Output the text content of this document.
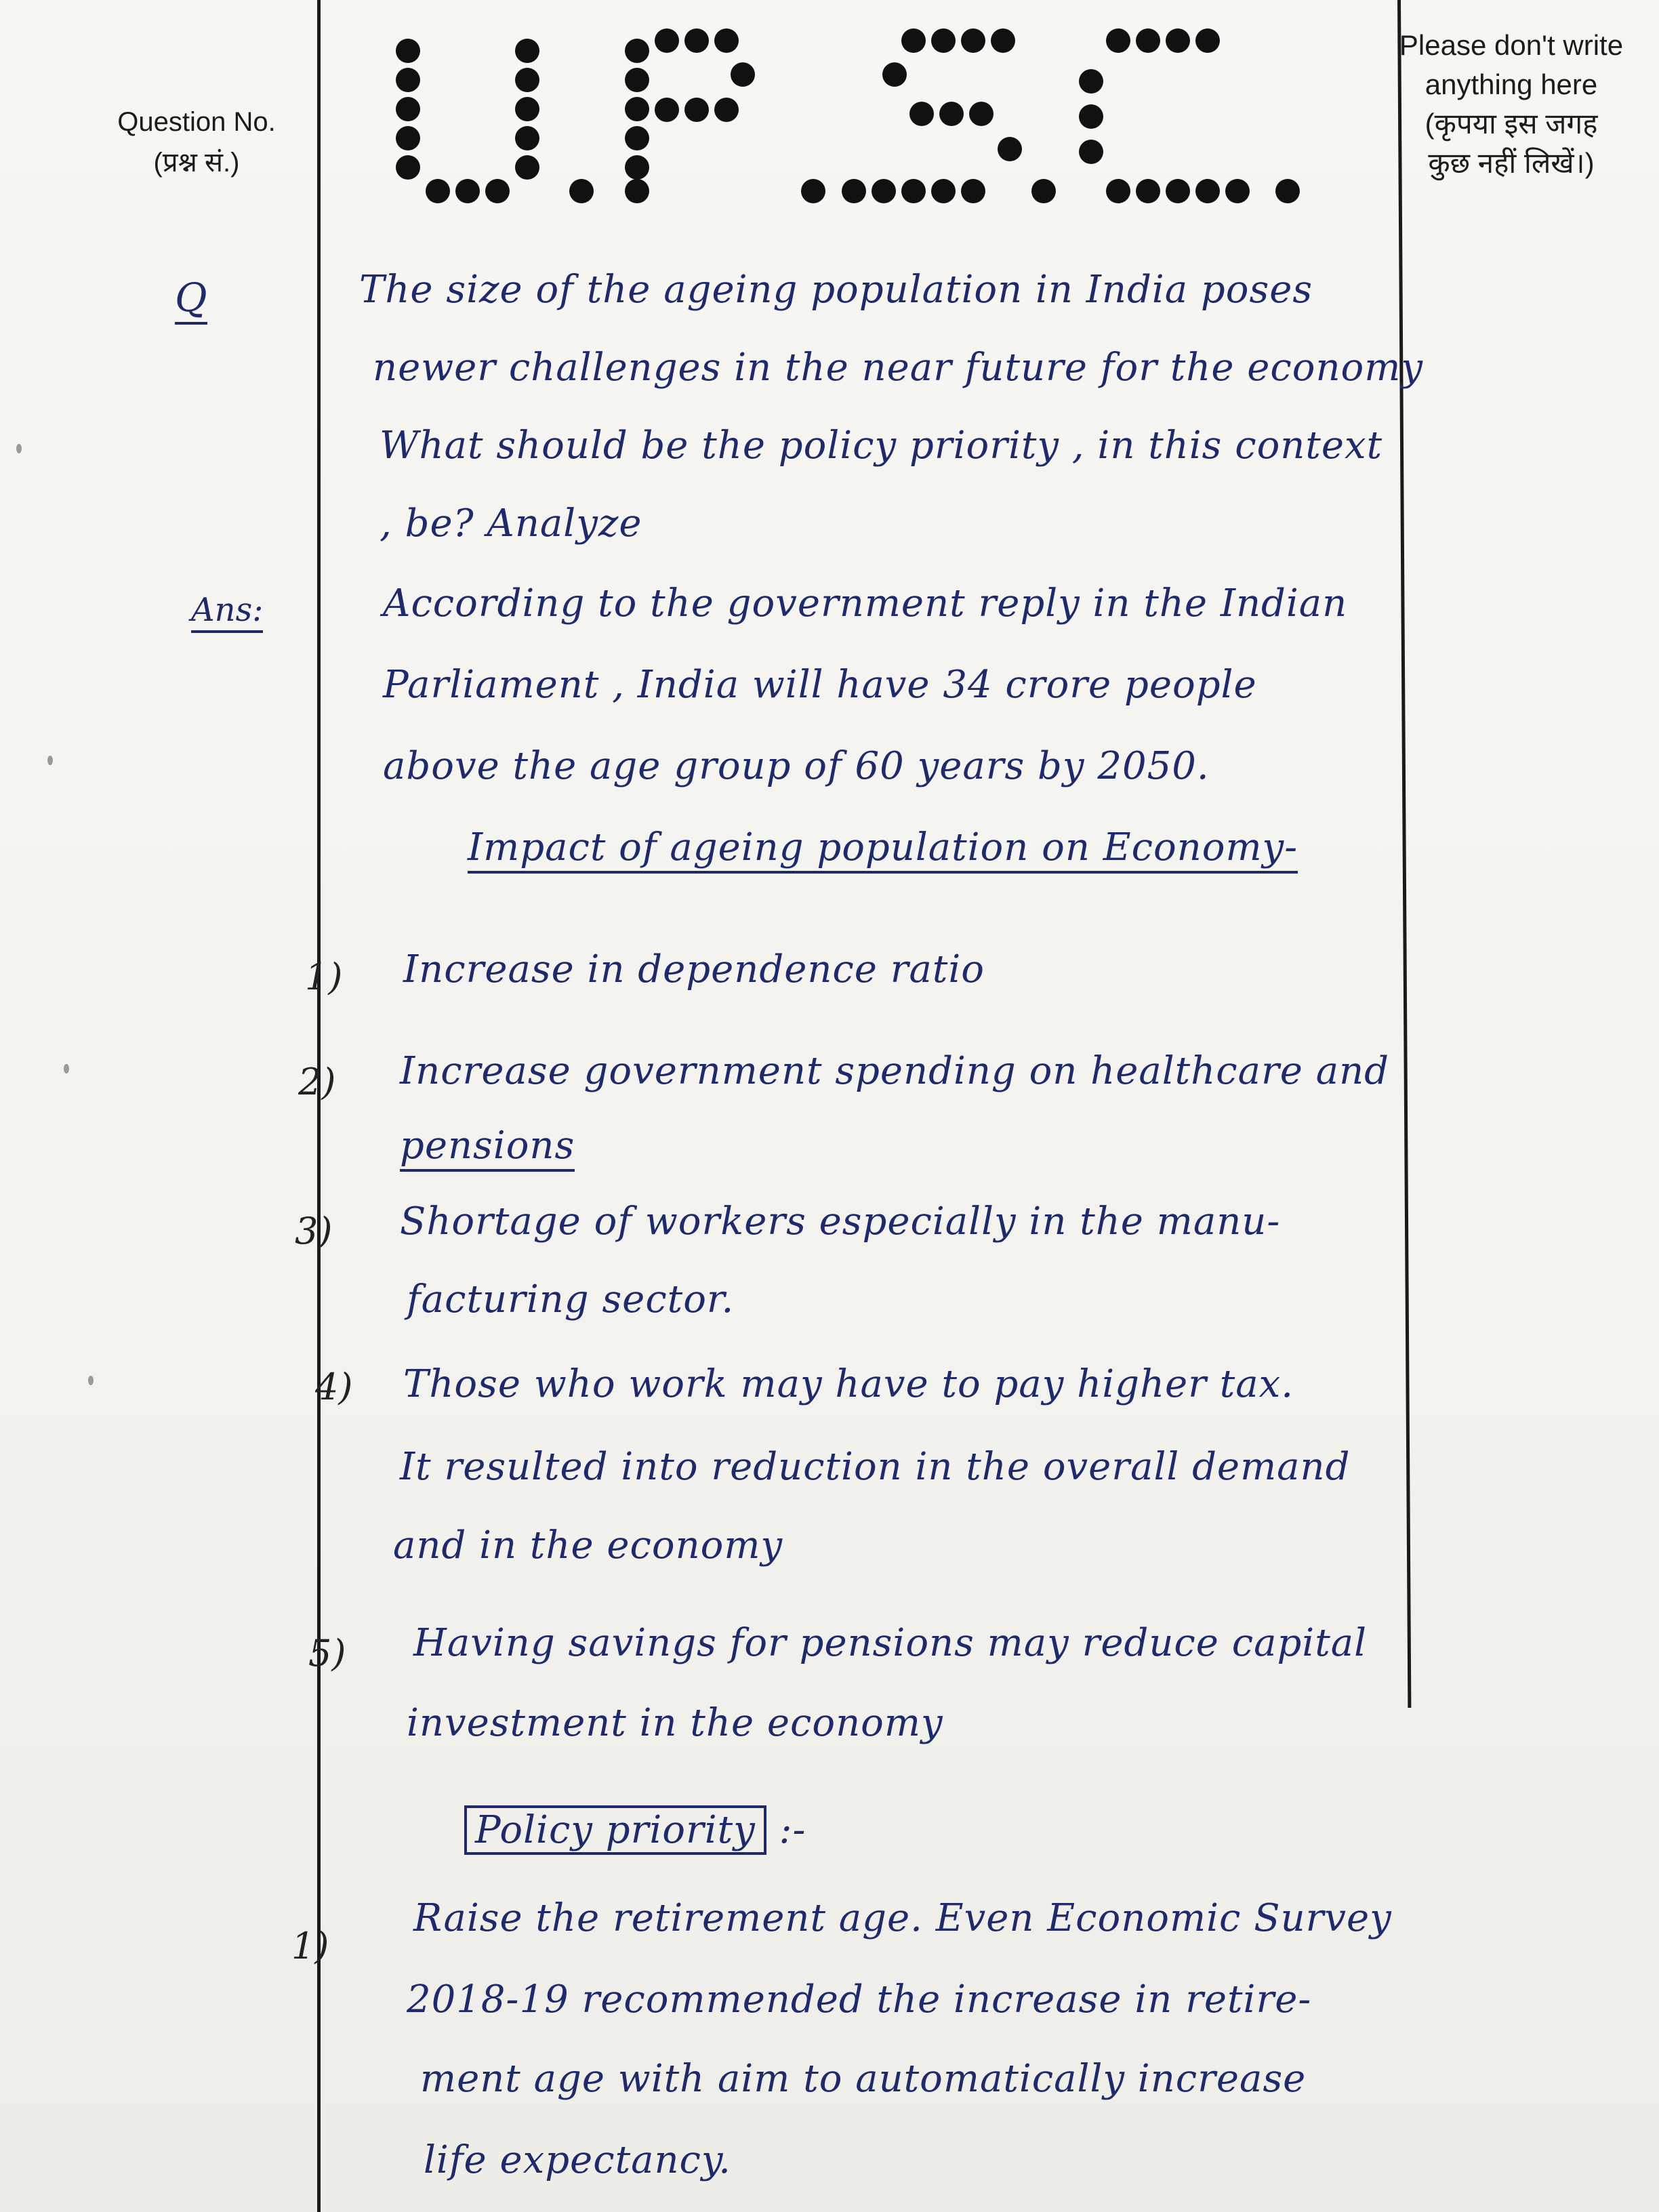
Question No.
(प्रश्न सं.)
Please don't write
anything here
(कृपया इस जगह
कुछ नहीं लिखें।)
Q
Ans:
The size of the ageing population in India poses
newer challenges in the near future for the economy
What should be the policy priority , in this context
, be? Analyze
According to the government reply in the Indian
Parliament , India will have 34 crore people
above the age group of 60 years by 2050.
Impact of ageing population on Economy-
1) Increase in dependence ratio
2) Increase government spending on healthcare and
pensions
3) Shortage of workers especially in the manu-
facturing sector.
4) Those who work may have to pay higher tax.
It resulted into reduction in the overall demand
and in the economy
5) Having savings for pensions may reduce capital
investment in the economy
Policy priority :-
1)
Raise the retirement age. Even Economic Survey
2018-19 recommended the increase in retire-
ment age with aim to automatically increase
life expectancy.
